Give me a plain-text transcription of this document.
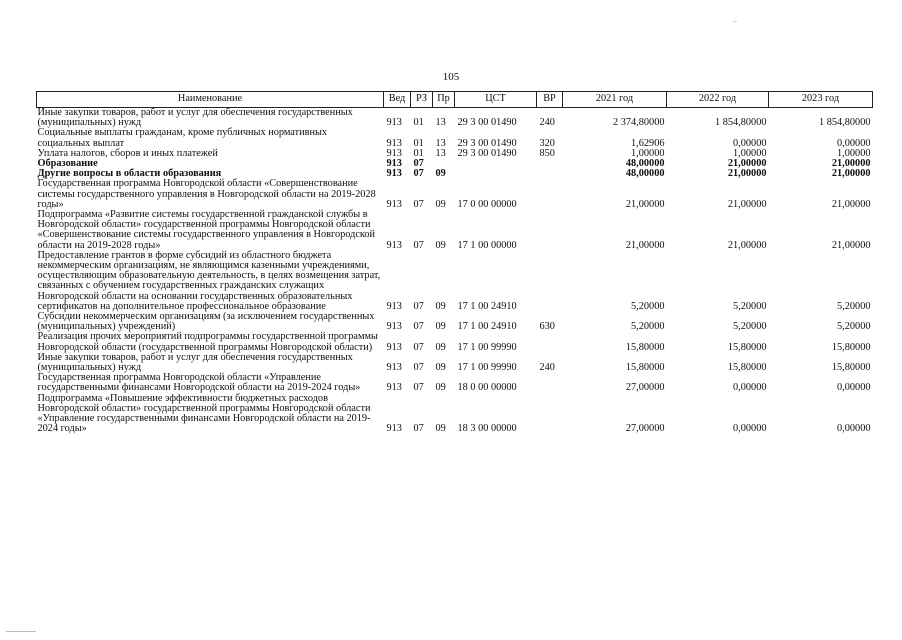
105
Наименование	Вед	РЗ	Пр	ЦСТ	ВР	2021 год	2022 год	2023 год
Иные закупки товаров, работ и услуг для обеспечения государственных (муниципальных) нужд	913	01	13	29 3 00 01490	240	2 374,80000	1 854,80000	1 854,80000
Социальные выплаты гражданам, кроме публичных нормативных социальных выплат	913	01	13	29 3 00 01490	320	1,62906	0,00000	0,00000
Уплата налогов, сборов и иных платежей	913	01	13	29 3 00 01490	850	1,00000	1,00000	1,00000
Образование	913	07				48,00000	21,00000	21,00000
Другие вопросы в области образования	913	07	09			48,00000	21,00000	21,00000
Государственная программа Новгородской области «Совершенствование системы государственного управления в Новгородской области на 2019-2028 годы»	913	07	09	17 0 00 00000		21,00000	21,00000	21,00000
Подпрограмма «Развитие системы государственной гражданской службы в Новгородской области» государственной программы Новгородской области «Совершенствование системы государственного управления в Новгородской области на 2019-2028 годы»	913	07	09	17 1 00 00000		21,00000	21,00000	21,00000
Предоставление грантов в форме субсидий из областного бюджета некоммерческим организациям, не являющимся казенными учреждениями, осуществляющим образовательную деятельность, в целях возмещения затрат, связанных с обучением государственных гражданских служащих Новгородской области на основании государственных образовательных сертификатов на дополнительное профессиональное образование	913	07	09	17 1 00 24910		5,20000	5,20000	5,20000
Субсидии некоммерческим организациям (за исключением государственных (муниципальных) учреждений)	913	07	09	17 1 00 24910	630	5,20000	5,20000	5,20000
Реализация прочих мероприятий подпрограммы государственной программы Новгородской области (государственной программы Новгородской области)	913	07	09	17 1 00 99990		15,80000	15,80000	15,80000
Иные закупки товаров, работ и услуг для обеспечения государственных (муниципальных) нужд	913	07	09	17 1 00 99990	240	15,80000	15,80000	15,80000
Государственная программа Новгородской области «Управление государственными финансами Новгородской области на 2019-2024 годы»	913	07	09	18 0 00 00000		27,00000	0,00000	0,00000
Подпрограмма «Повышение эффективности бюджетных расходов Новгородской области» государственной программы Новгородской области «Управление государственными финансами Новгородской области на 2019-2024 годы»	913	07	09	18 3 00 00000		27,00000	0,00000	0,00000
